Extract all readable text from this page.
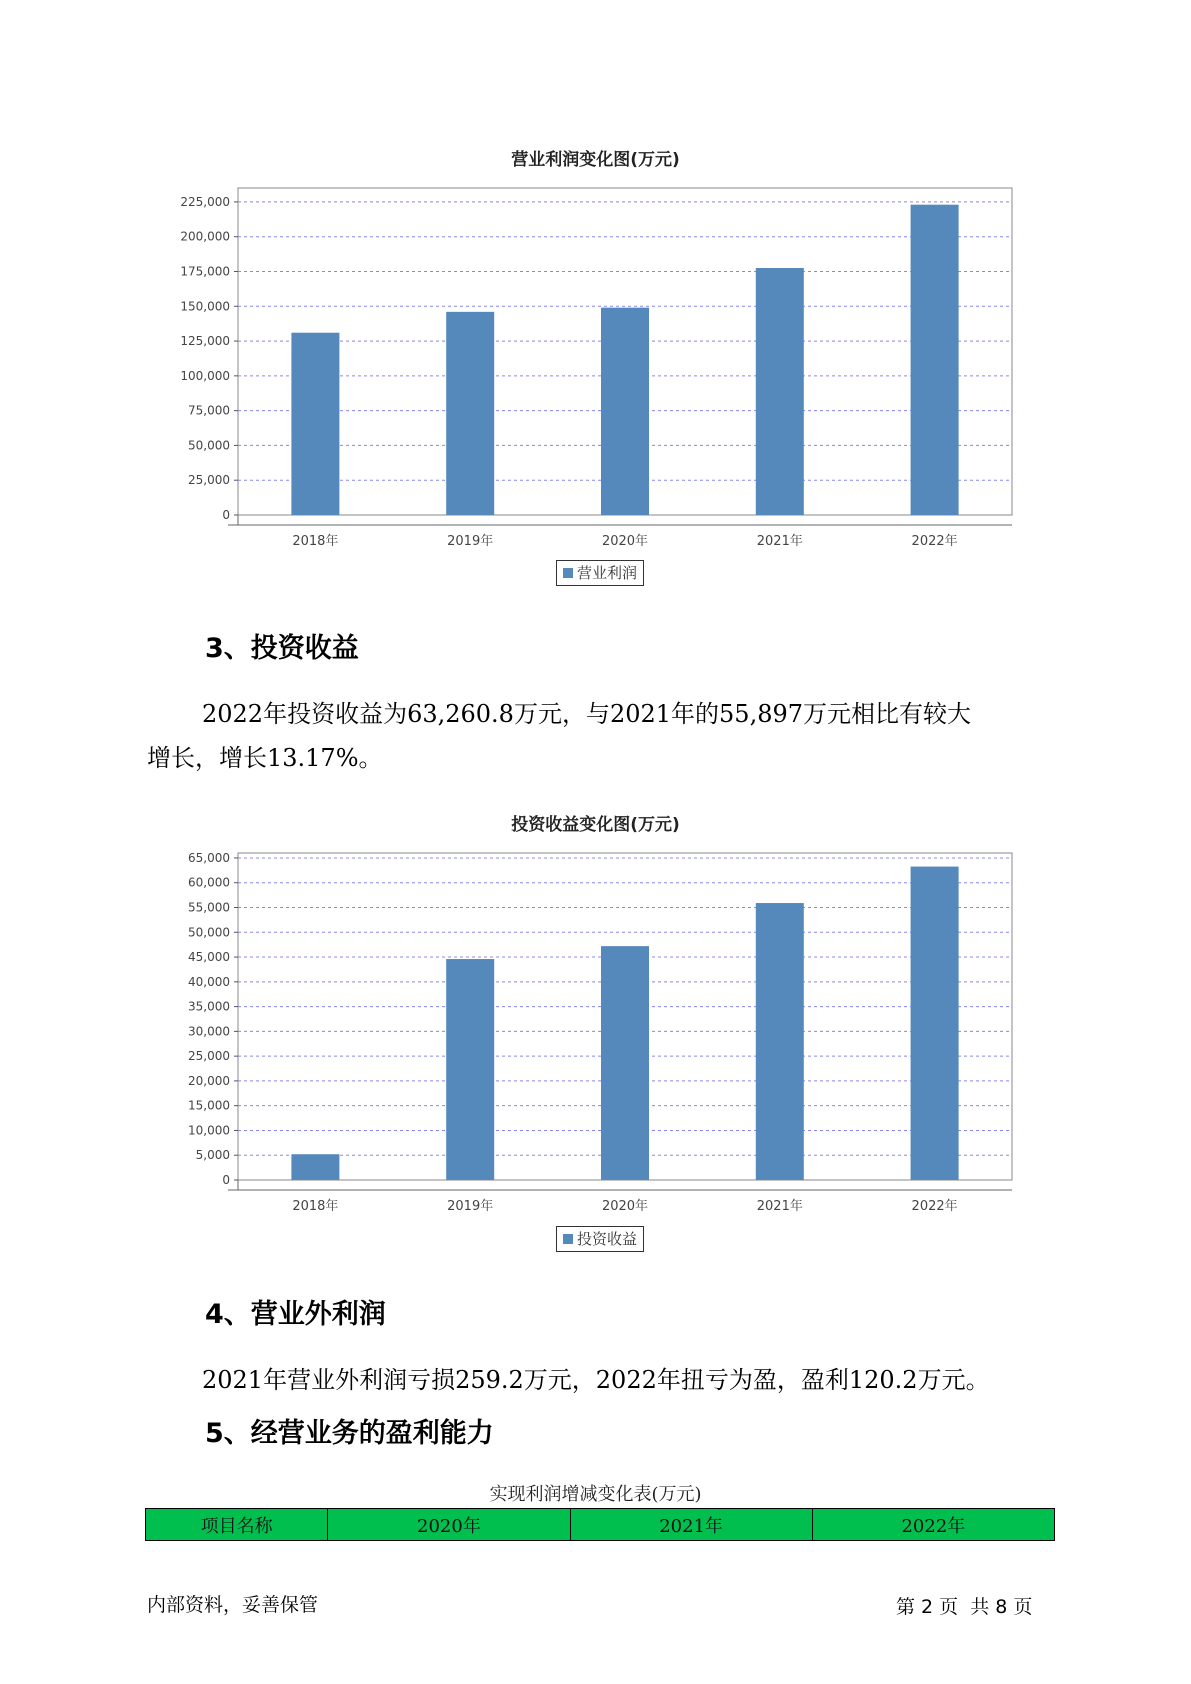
营业利润变化图(万元)
0
25,000
50,000
75,000
100,000
125,000
150,000
175,000
200,000
225,000
2018年	2019年	2020年	2021年	2022年
营业利润
3、投资收益
2022年投资收益为63,260.8万元，与2021年的55,897万元相比有较大
增长，增长13.17%。
投资收益变化图(万元)
0
5,000
10,000
15,000
20,000
25,000
30,000
35,000
40,000
45,000
50,000
55,000
60,000
65,000
2018年	2019年	2020年	2021年	2022年
投资收益
4、营业外利润
2021年营业外利润亏损259.2万元，2022年扭亏为盈，盈利120.2万元。
5、经营业务的盈利能力
实现利润增减变化表(万元)
项目名称	2020年	2021年	2022年
内部资料，妥善保管	第 2 页  共 8 页
